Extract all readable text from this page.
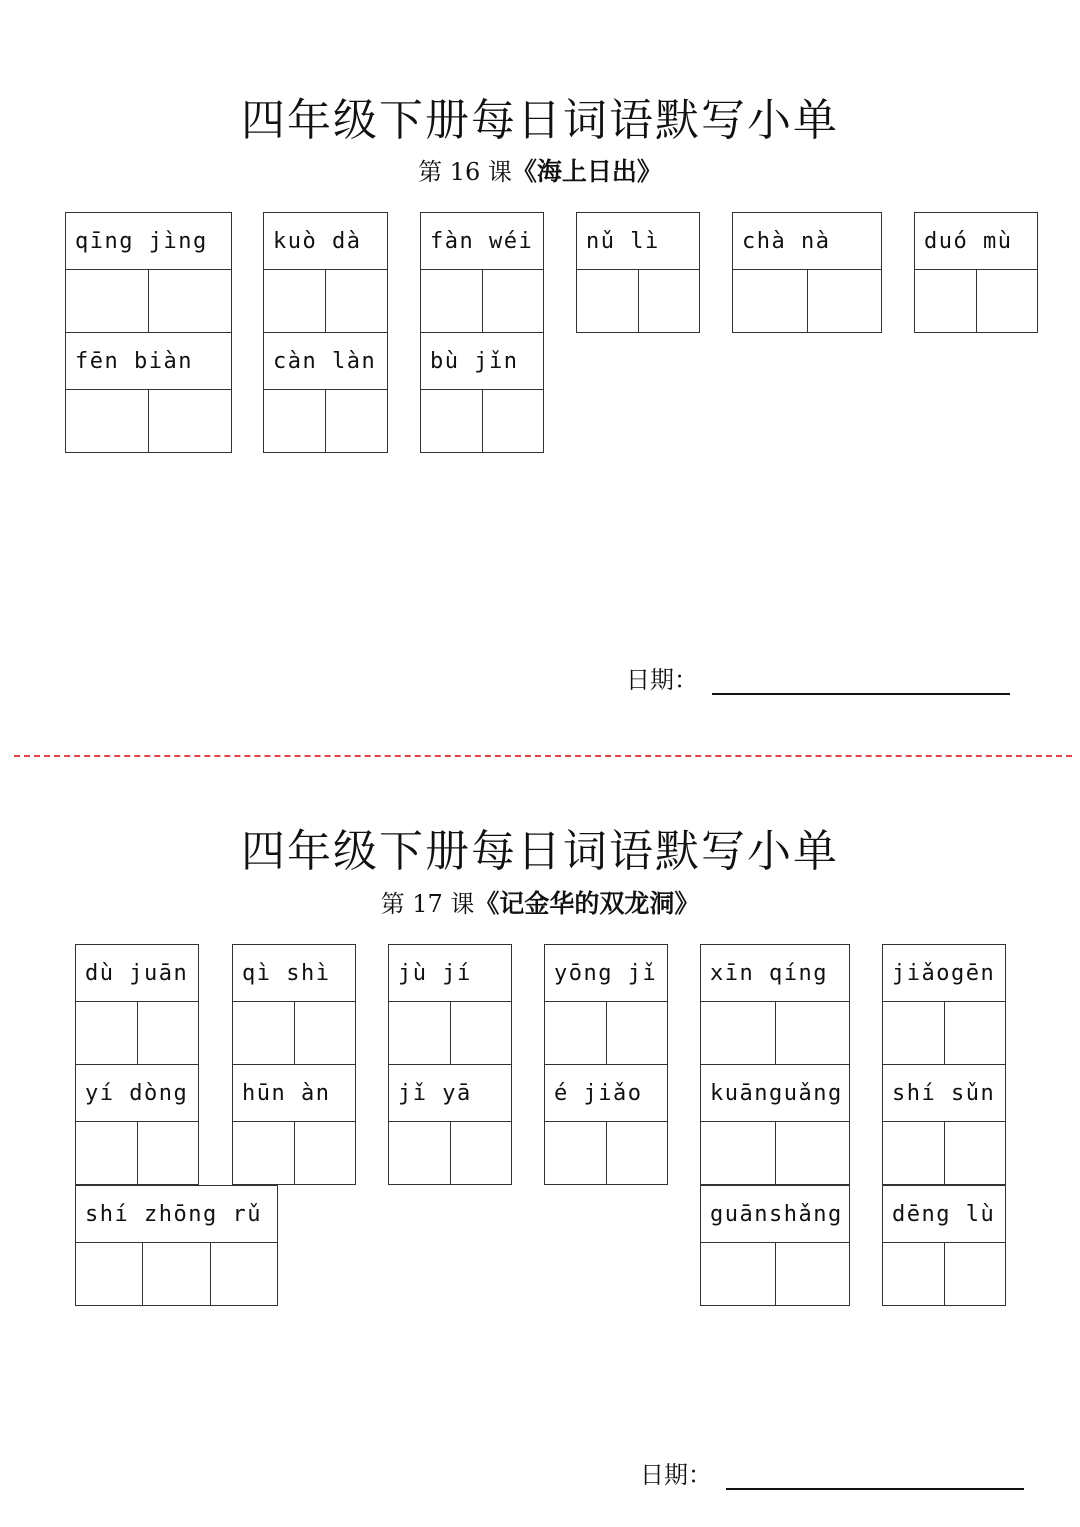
四年级下册每日词语默写小单
第 16 课《海上日出》
qīng jìng	kuò dà	fàn wéi	nǔ lì	chà nà	duó mù
fēn biàn	càn làn	bù jǐn
日期：
四年级下册每日词语默写小单
第 17 课《记金华的双龙洞》
dù juān	qì shì	jù jí	yōng jǐ	xīn qíng	jiǎogēn
yí dòng	hūn àn	jǐ yā	é jiǎo	kuānguǎng	shí sǔn
shí zhōng rǔ	guānshǎng	dēng lù
日期：
